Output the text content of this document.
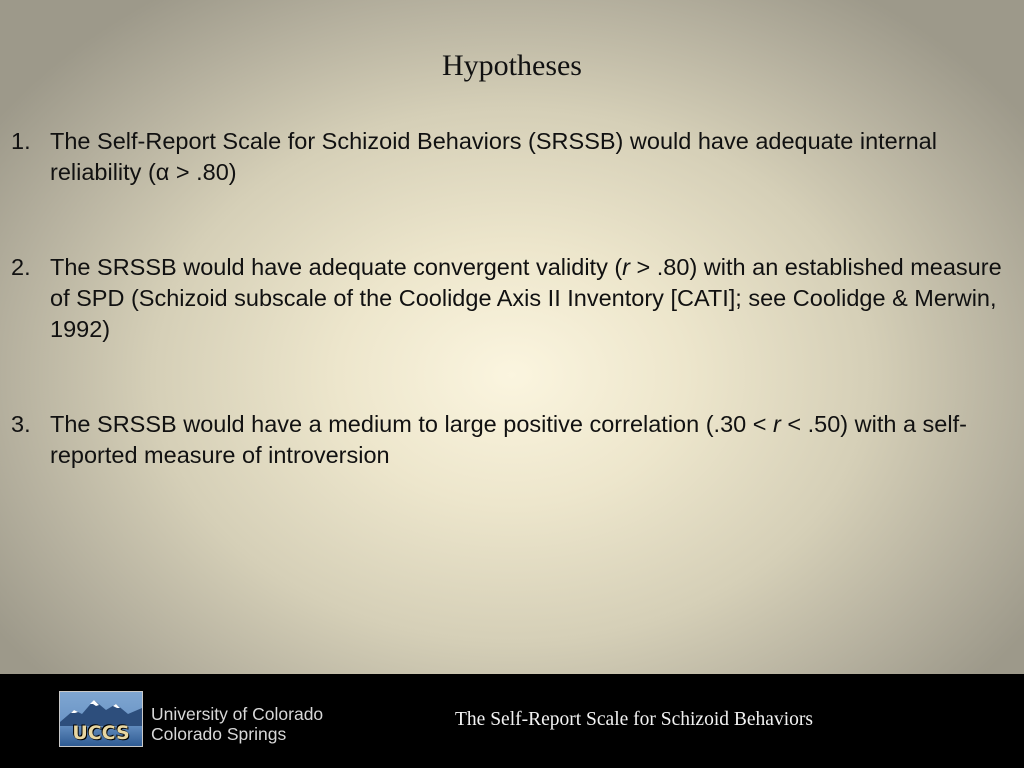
Hypotheses
1. The Self-Report Scale for Schizoid Behaviors (SRSSB) would have adequate internal reliability (α > .80)
2. The SRSSB would have adequate convergent validity (r > .80) with an established measure of SPD (Schizoid subscale of the Coolidge Axis II Inventory [CATI]; see Coolidge & Merwin, 1992)
3. The SRSSB would have a medium to large positive correlation (.30 < r < .50) with a self-reported measure of introversion
UCCS
University of Colorado
Colorado Springs
The Self-Report Scale for Schizoid Behaviors
